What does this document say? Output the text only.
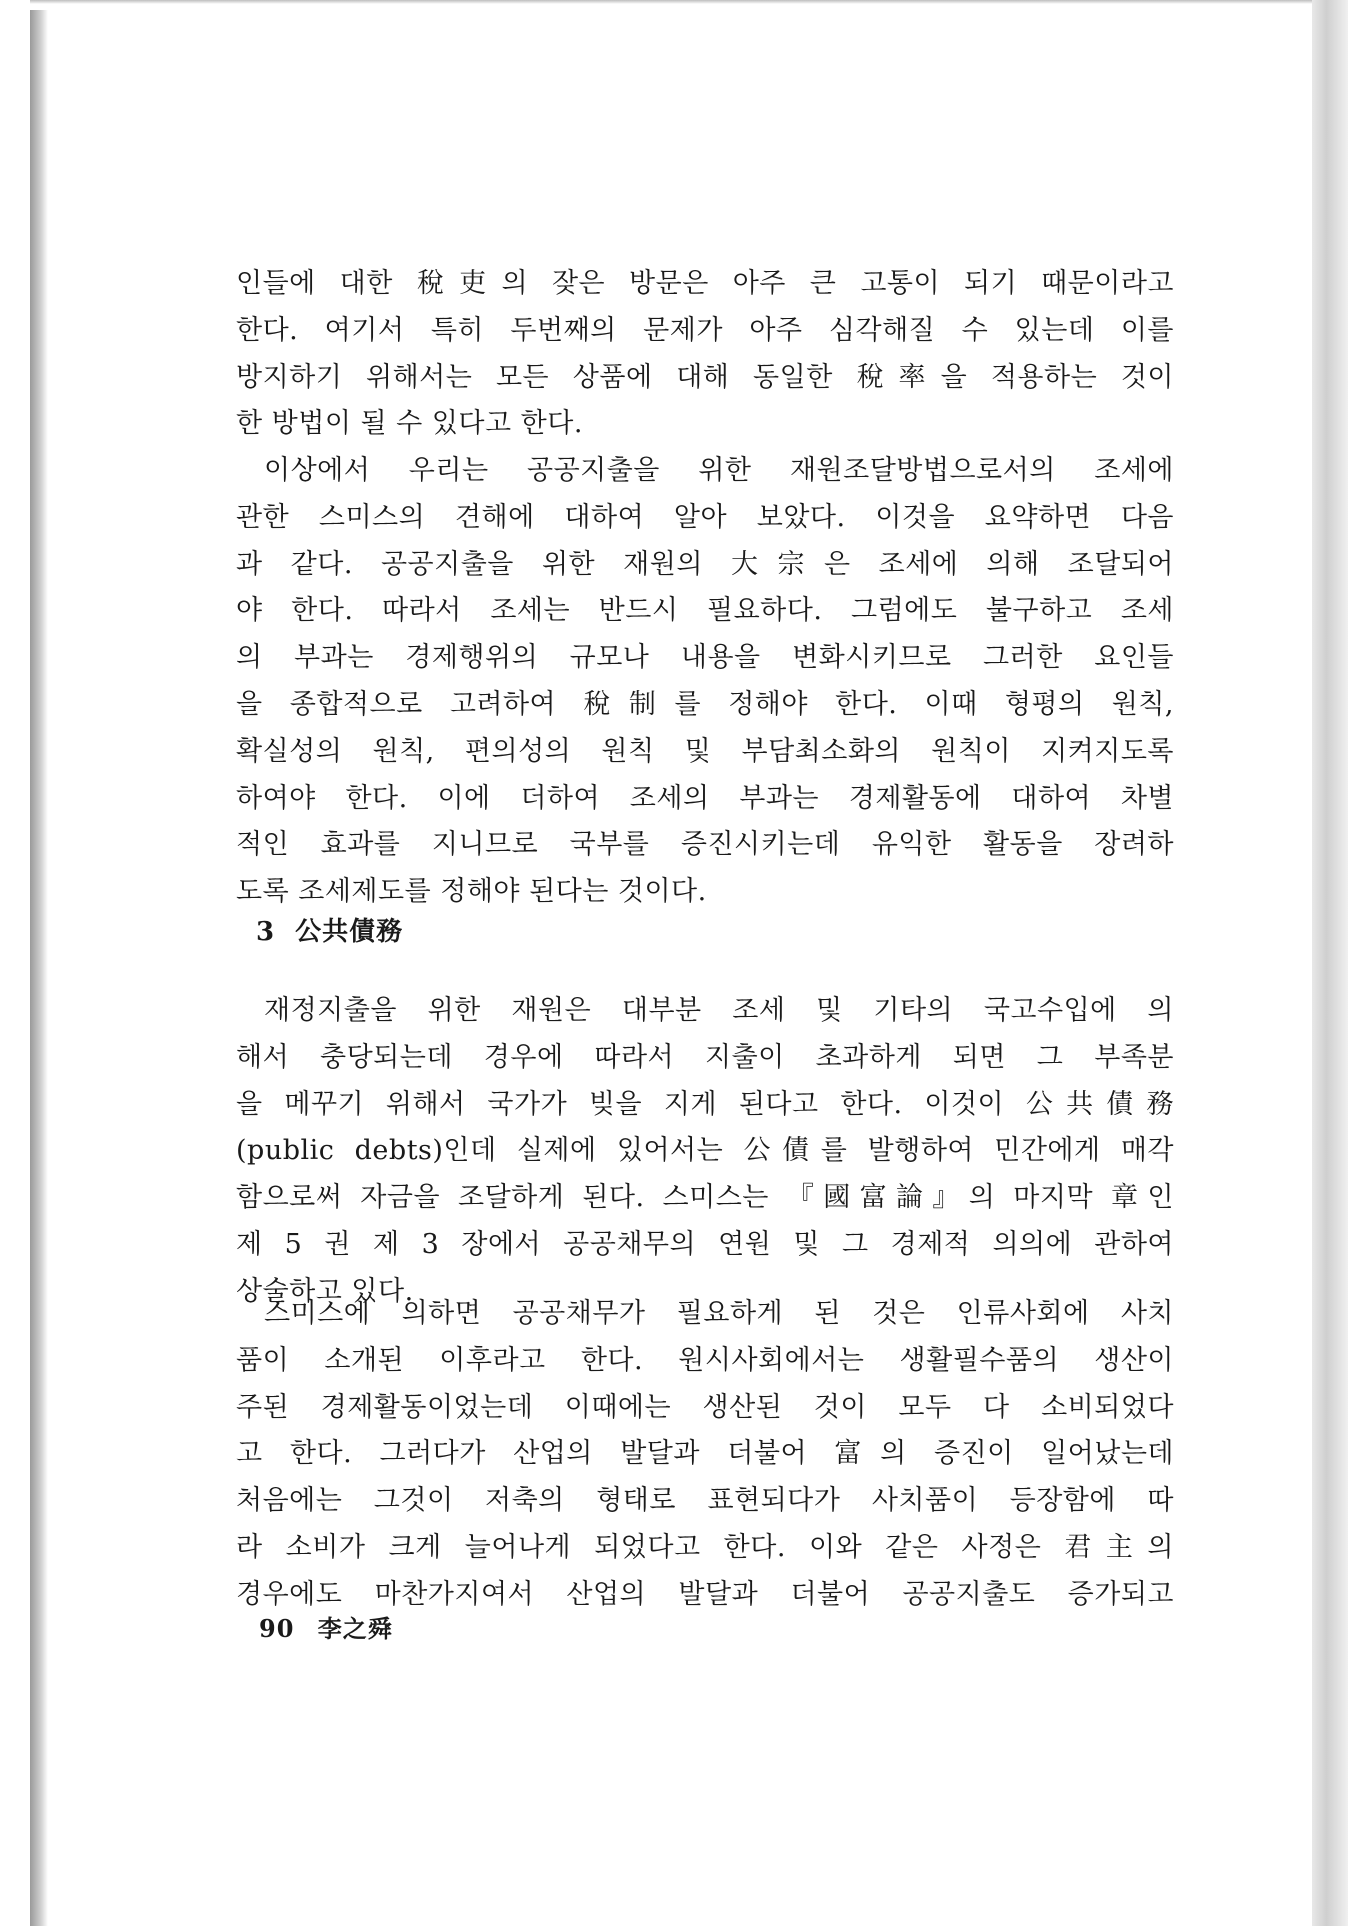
인들에 대한 稅吏의 잦은 방문은 아주 큰 고통이 되기 때문이라고
한다. 여기서 특히 두번째의 문제가 아주 심각해질 수 있는데 이를
방지하기 위해서는 모든 상품에 대해 동일한 稅率을 적용하는 것이
한 방법이 될 수 있다고 한다.
이상에서 우리는 공공지출을 위한 재원조달방법으로서의 조세에
관한 스미스의 견해에 대하여 알아 보았다. 이것을 요약하면 다음
과 같다. 공공지출을 위한 재원의 大宗은 조세에 의해 조달되어
야 한다. 따라서 조세는 반드시 필요하다. 그럼에도 불구하고 조세
의 부과는 경제행위의 규모나 내용을 변화시키므로 그러한 요인들
을 종합적으로 고려하여 稅制를 정해야 한다. 이때 형평의 원칙,
확실성의 원칙, 편의성의 원칙 및 부담최소화의 원칙이 지켜지도록
하여야 한다. 이에 더하여 조세의 부과는 경제활동에 대하여 차별
적인 효과를 지니므로 국부를 증진시키는데 유익한 활동을 장려하
도록 조세제도를 정해야 된다는 것이다.
3 公共債務
재정지출을 위한 재원은 대부분 조세 및 기타의 국고수입에 의
해서 충당되는데 경우에 따라서 지출이 초과하게 되면 그 부족분
을 메꾸기 위해서 국가가 빚을 지게 된다고 한다. 이것이 公共債務
(public debts)인데 실제에 있어서는 公債를 발행하여 민간에게 매각
함으로써 자금을 조달하게 된다. 스미스는 『國富論』의 마지막 章인
제 5 권 제 3 장에서 공공채무의 연원 및 그 경제적 의의에 관하여
상술하고 있다.
스미스에 의하면 공공채무가 필요하게 된 것은 인류사회에 사치
품이 소개된 이후라고 한다. 원시사회에서는 생활필수품의 생산이
주된 경제활동이었는데 이때에는 생산된 것이 모두 다 소비되었다
고 한다. 그러다가 산업의 발달과 더불어 富의 증진이 일어났는데
처음에는 그것이 저축의 형태로 표현되다가 사치품이 등장함에 따
라 소비가 크게 늘어나게 되었다고 한다. 이와 같은 사정은 君主의
경우에도 마찬가지여서 산업의 발달과 더불어 공공지출도 증가되고
90 李之舜
